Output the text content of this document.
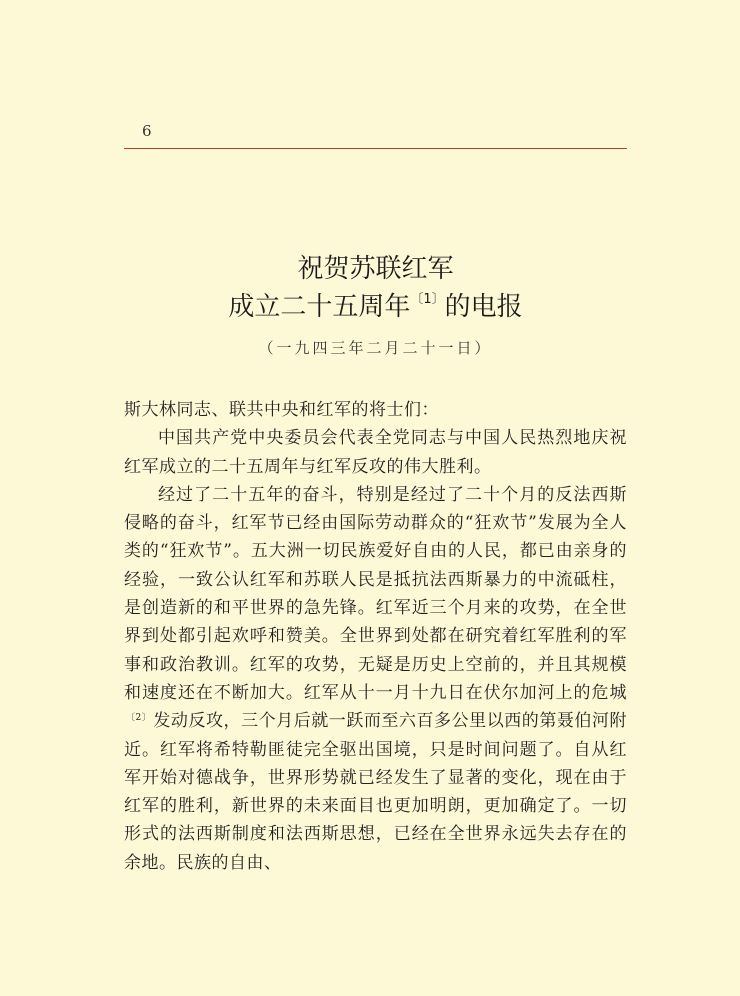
6
祝贺苏联红军
成立二十五周年$^{〔1〕}$的电报
（一九四三年二月二十一日）

斯大林同志、联共中央和红军的将士们：

中国共产党中央委员会代表全党同志与中国人民热烈地庆祝红军成立的二十五周年与红军反攻的伟大胜利。

经过了二十五年的奋斗，特别是经过了二十个月的反法西斯侵略的奋斗，红军节已经由国际劳动群众的“狂欢节”发展为全人类的“狂欢节”。五大洲一切民族爱好自由的人民，都已由亲身的经验，一致公认红军和苏联人民是抵抗法西斯暴力的中流砥柱，是创造新的和平世界的急先锋。红军近三个月来的攻势，在全世界到处都引起欢呼和赞美。全世界到处都在研究着红军胜利的军事和政治教训。红军的攻势，无疑是历史上空前的，并且其规模和速度还在不断加大。红军从十一月十九日在伏尔加河上的危城$^{〔2〕}$ 发动反攻，三个月后就一跃而至六百多公里以西的第聂伯河附近。红军将希特勒匪徒完全驱出国境，只是时间问题了。自从红军开始对德战争，世界形势就已经发生了显著的变化，现在由于红军的胜利，新世界的未来面目也更加明朗，更加确定了。一切形式的法西斯制度和法西斯思想，已经在全世界永远失去存在的余地。民族的自由、
